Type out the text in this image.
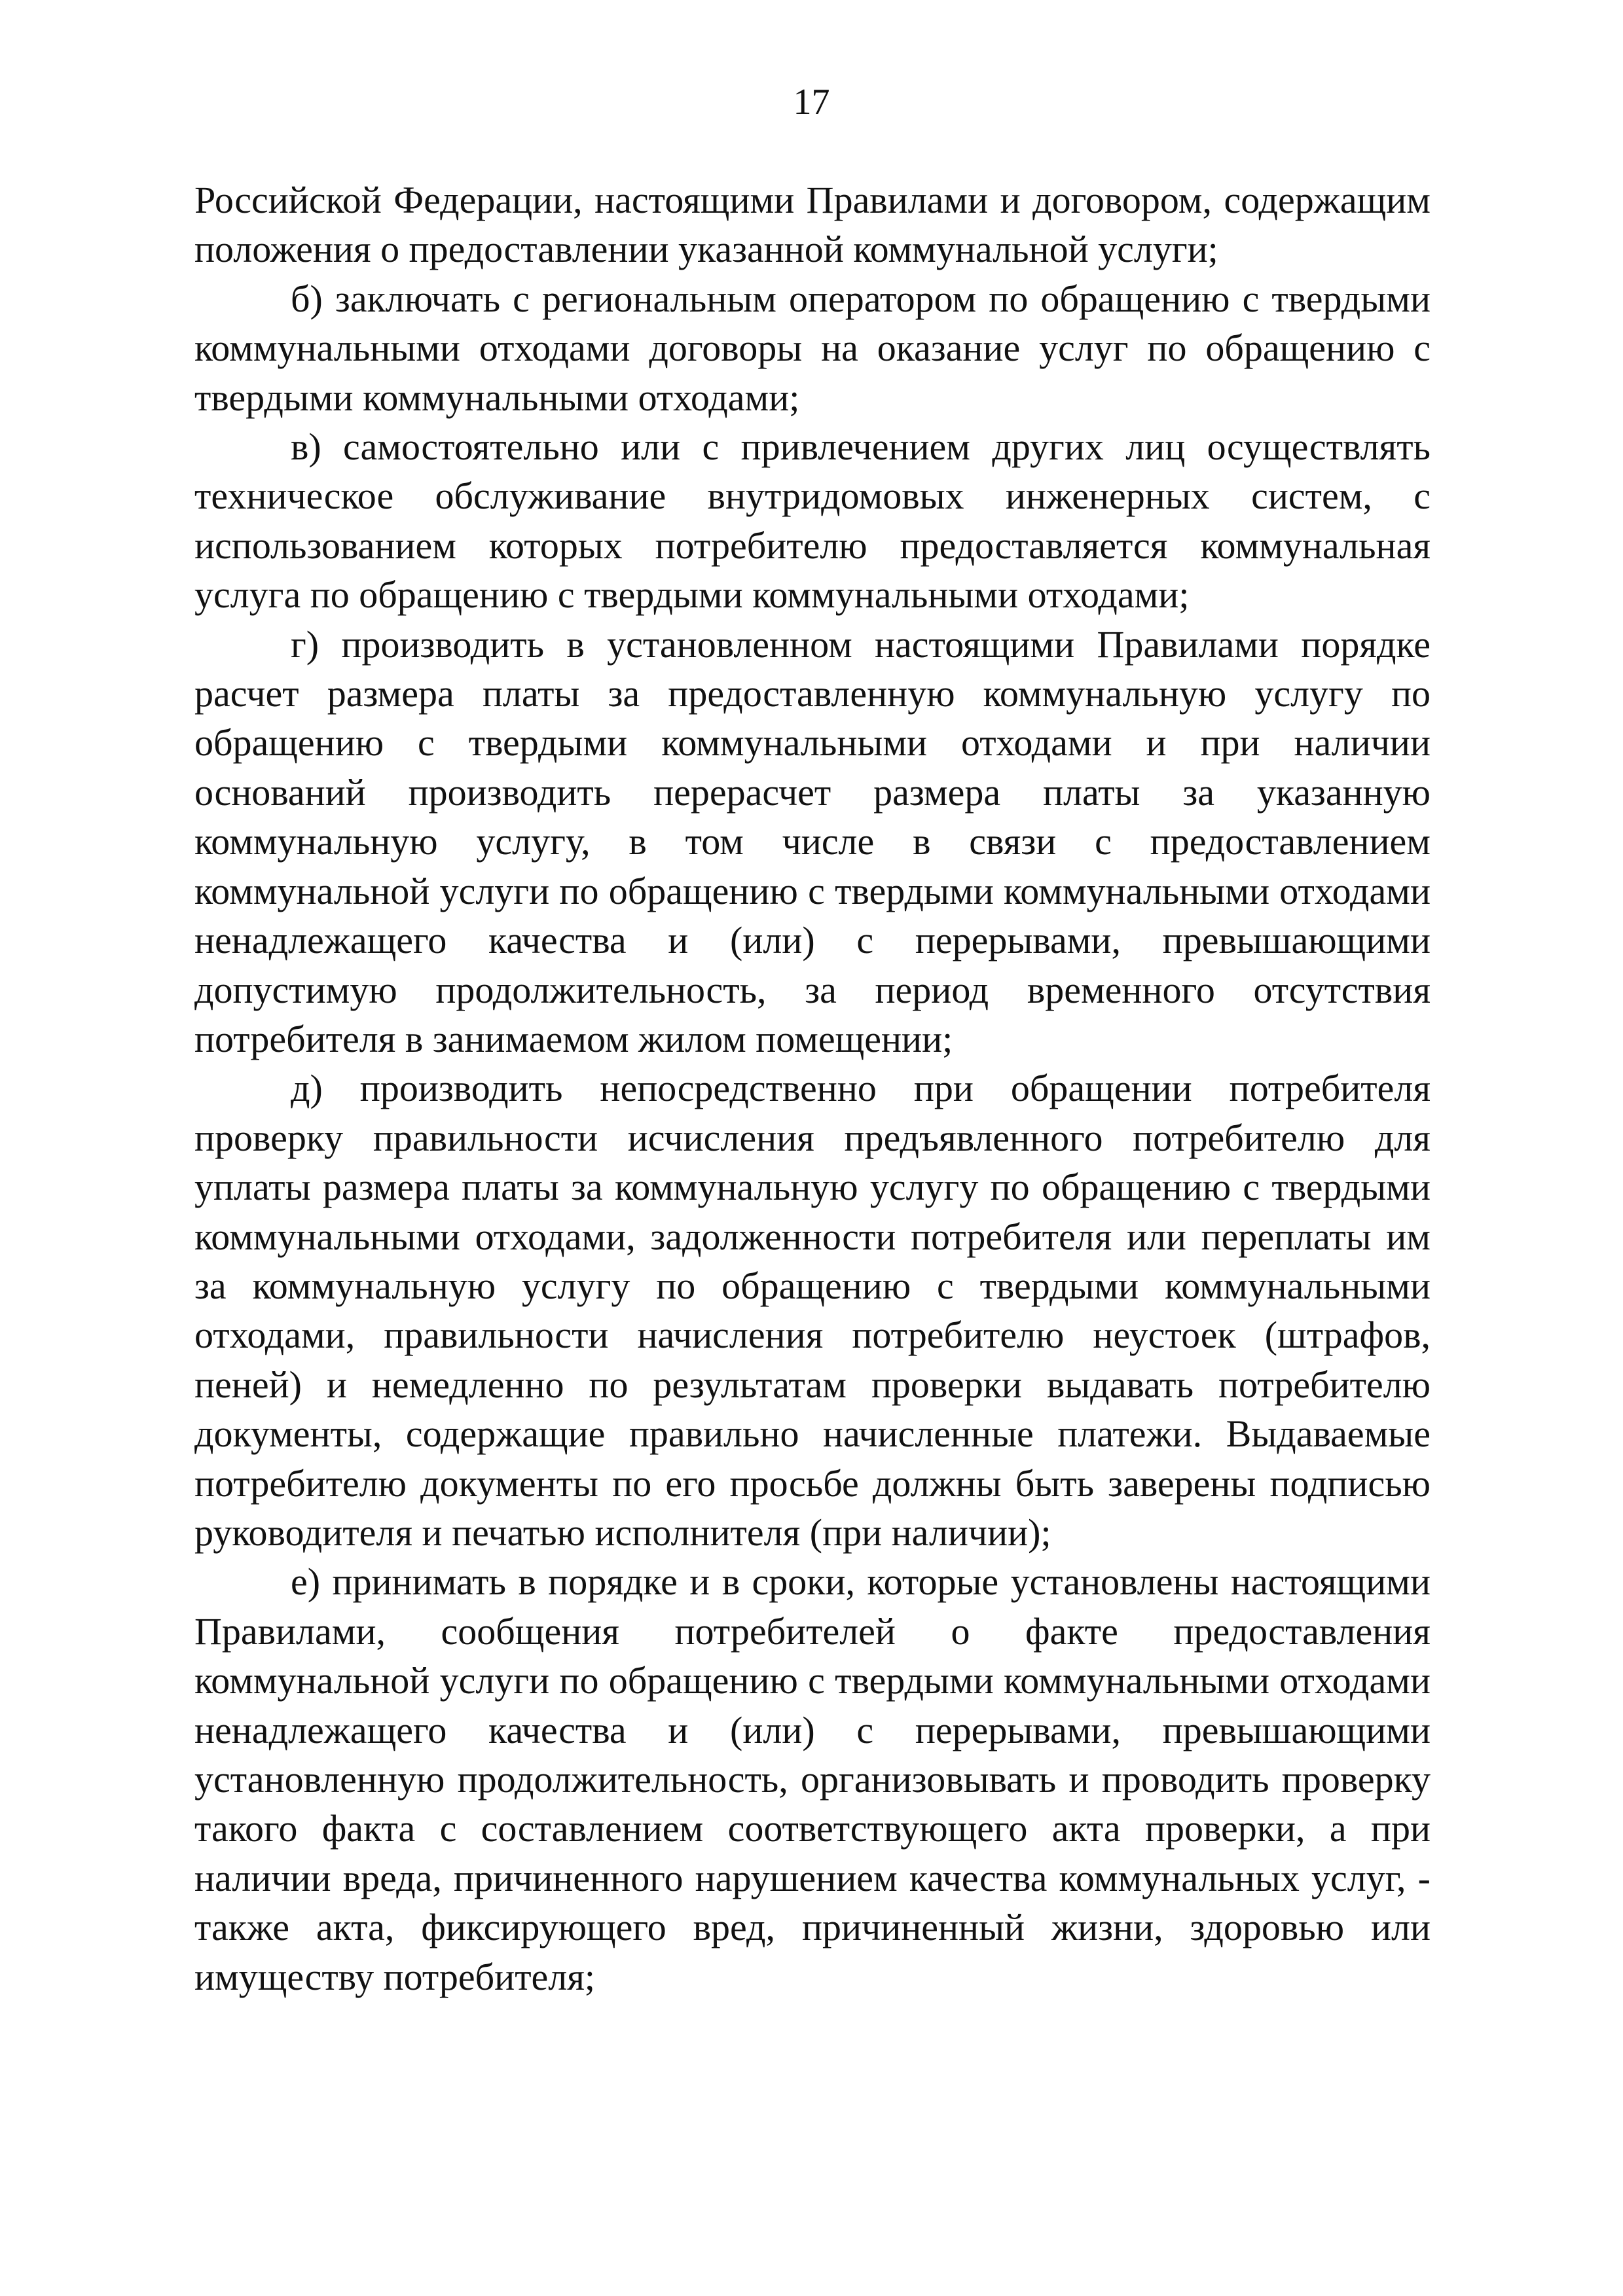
17

Российской Федерации, настоящими Правилами и договором, содержащим положения о предоставлении указанной коммунальной услуги;

б) заключать с региональным оператором по обращению с твердыми коммунальными отходами договоры на оказание услуг по обращению с твердыми коммунальными отходами;

в) самостоятельно или с привлечением других лиц осуществлять техническое обслуживание внутридомовых инженерных систем, с использованием которых потребителю предоставляется коммунальная услуга по обращению с твердыми коммунальными отходами;

г) производить в установленном настоящими Правилами порядке расчет размера платы за предоставленную коммунальную услугу по обращению с твердыми коммунальными отходами и при наличии оснований производить перерасчет размера платы за указанную коммунальную услугу, в том числе в связи с предоставлением коммунальной услуги по обращению с твердыми коммунальными отходами ненадлежащего качества и (или) с перерывами, превышающими допустимую продолжительность, за период временного отсутствия потребителя в занимаемом жилом помещении;

д) производить непосредственно при обращении потребителя проверку правильности исчисления предъявленного потребителю для уплаты размера платы за коммунальную услугу по обращению с твердыми коммунальными отходами, задолженности потребителя или переплаты им за коммунальную услугу по обращению с твердыми коммунальными отходами, правильности начисления потребителю неустоек (штрафов, пеней) и немедленно по результатам проверки выдавать потребителю документы, содержащие правильно начисленные платежи. Выдаваемые потребителю документы по его просьбе должны быть заверены подписью руководителя и печатью исполнителя (при наличии);

е) принимать в порядке и в сроки, которые установлены настоящими Правилами, сообщения потребителей о факте предоставления коммунальной услуги по обращению с твердыми коммунальными отходами ненадлежащего качества и (или) с перерывами, превышающими установленную продолжительность, организовывать и проводить проверку такого факта с составлением соответствующего акта проверки, а при наличии вреда, причиненного нарушением качества коммунальных услуг, - также акта, фиксирующего вред, причиненный жизни, здоровью или имуществу потребителя;
